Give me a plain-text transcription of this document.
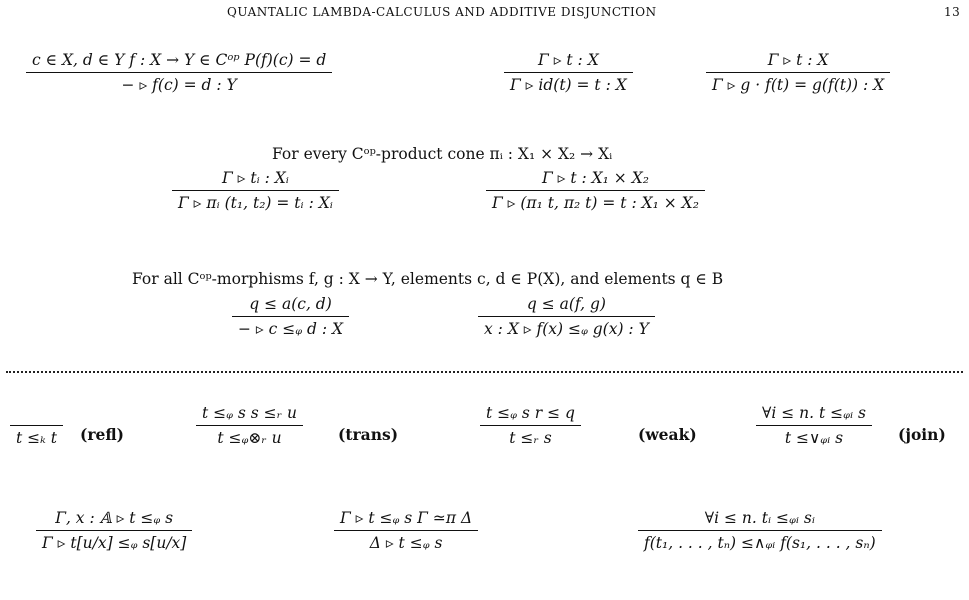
QUANTALIC LAMBDA-CALCULUS AND ADDITIVE DISJUNCTION	13
c ∈ X, d ∈ Y f : X → Y ∈ Cᵒᵖ P(f)(c) = d
− ▹ f(c) = d : Y
Γ ▹ t : X
Γ ▹ id(t) = t : X
Γ ▹ t : X
Γ ▹ g · f(t) = g(f(t)) : X
For every Cᵒᵖ-product cone πᵢ : X₁ × X₂ → Xᵢ
Γ ▹ tᵢ : Xᵢ
Γ ▹ πᵢ (t₁, t₂) = tᵢ : Xᵢ
Γ ▹ t : X₁ × X₂
Γ ▹ (π₁ t, π₂ t) = t : X₁ × X₂
For all Cᵒᵖ-morphisms f, g : X → Y, elements c, d ∈ P(X), and elements q ∈ B
q ≤ a(c, d)
− ▹ c ≤ᵩ d : X
q ≤ a(f, g)
x : X ▹ f(x) ≤ᵩ g(x) : Y

t ≤ₖ t	(refl)
t ≤ᵩ s s ≤ᵣ u
t ≤ᵩ⊗ᵣ u	(trans)
t ≤ᵩ s r ≤ q
t ≤ᵣ s	(weak)
∀i ≤ n. t ≤ᵩᵢ s
t ≤∨ᵩᵢ s	(join)
Γ, x : 𝔸 ▹ t ≤ᵩ s
Γ ▹ t[u/x] ≤ᵩ s[u/x]
Γ ▹ t ≤ᵩ s Γ ≃π Δ
Δ ▹ t ≤ᵩ s
∀i ≤ n. tᵢ ≤ᵩᵢ sᵢ
f(t₁, . . . , tₙ) ≤∧ᵩᵢ f(s₁, . . . , sₙ)
